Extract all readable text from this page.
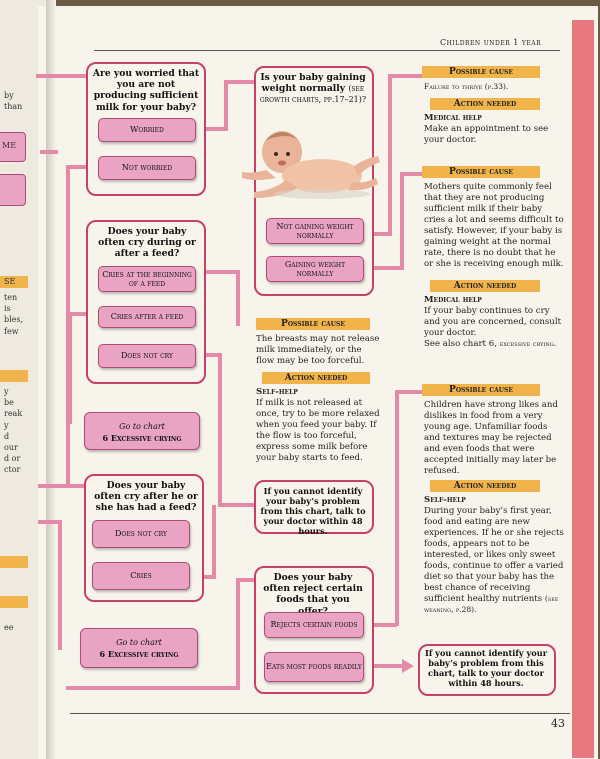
by
than
ME
SE
ten
is
bles,
few
y
be
reak
y
d
our
d or
ctor
ee
Children under 1 year
43
Are you worried that you are not producing sufficient milk for your baby?
Worried
Not worried
Is your baby gaining weight normally (see growth charts, pp.17–21)?
Not gaining weight normally
Gaining weight normally
Does your baby often cry during or after a feed?
Cries at the beginning of a feed
Cries after a feed
Does not cry
Go to chart
6 Excessive crying
Does your baby often cry after he or she has had a feed?
Does not cry
Cries
Go to chart
6 Excessive crying
If you cannot identify your baby’s problem from this chart, talk to your doctor within 48 hours.
Does your baby often reject certain foods that you
Rejects certain foods
Eats most foods readily
If you cannot identify your baby’s problem from this chart, talk to your doctor within 48 hours.
Possible cause
Failure to thrive (p.33).
Action needed
Medical help
Make an appointment to see your doctor.
Possible cause
Mothers quite commonly feel that they are not producing sufficient milk if their baby cries a lot and seems difficult to satisfy. However, if your baby is gaining weight at the normal rate, there is no doubt that he or she is receiving enough milk.
Action needed
Medical help
If your baby continues to cry and you are concerned, consult your doctor.
See also chart 6, excessive crying.
Possible cause
The breasts may not release milk immediately, or the flow may be too forceful.
Action needed
Self-help
If milk is not released at once, try to be more relaxed when you feed your baby. If the flow is too forceful, express some milk before your baby starts to feed.
Possible cause
Children have strong likes and dislikes in food from a very young age. Unfamiliar foods and textures may be rejected and even foods that were accepted initially may later be refused.
Action needed
Self-help
During your baby’s first year, food and eating are new experiences. If he or she rejects foods, appears not to be interested, or likes only sweet foods, continue to offer a varied diet so that your baby has the best chance of receiving sufficient healthy nutrients (see weaning, p.28).
